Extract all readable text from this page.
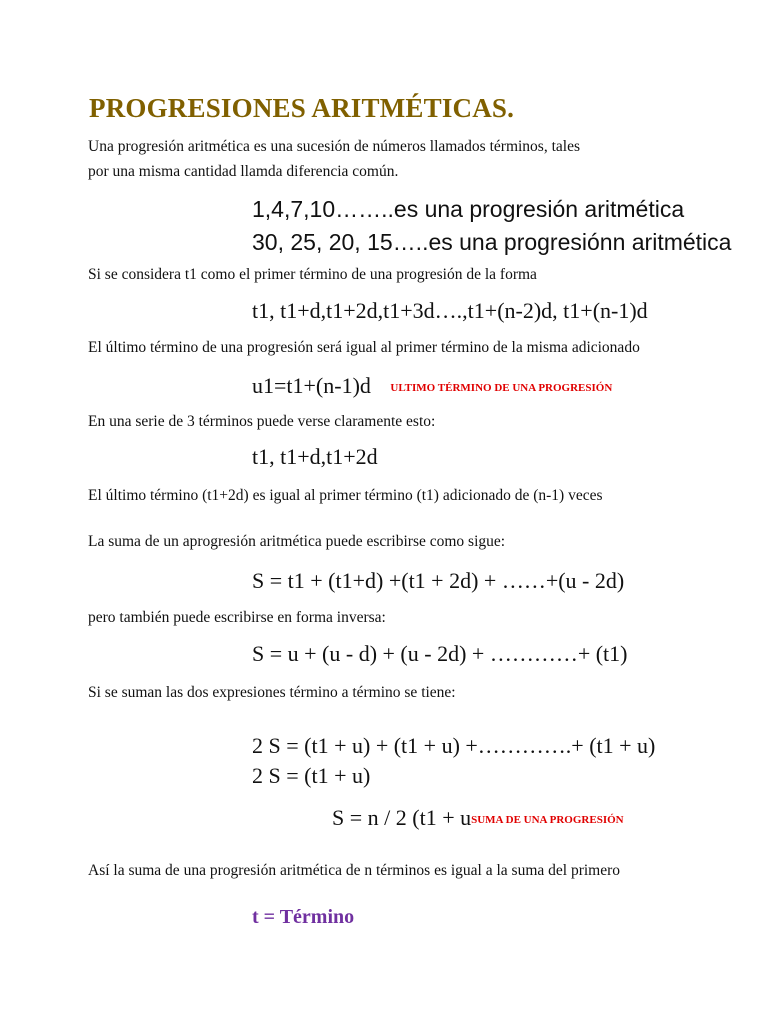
PROGRESIONES ARITMÉTICAS.
Una progresión aritmética es una sucesión de números llamados términos, tales
por una misma cantidad llamda diferencia común.
1,4,7,10……..es una progresión aritmética
30, 25, 20, 15…..es una progresiónn aritmética
Si se considera t1 como el primer término de una progresión de la forma
t1, t1+d,t1+2d,t1+3d….,t1+(n-2)d, t1+(n-1)d
El último término de una progresión será igual al primer término de la misma adicionado
u1=t1+(n-1)d ULTIMO TÉRMINO DE UNA PROGRESIÓN
En una serie de 3 términos puede verse claramente esto:
t1, t1+d,t1+2d
El último término (t1+2d) es igual al primer término (t1) adicionado de (n-1) veces
La suma de un aprogresión aritmética puede escribirse como sigue:
S = t1 + (t1+d) +(t1 + 2d) + ……+(u - 2d)
pero también puede escribirse en forma inversa:
S = u + (u - d) + (u - 2d) + …………+ (t1)
Si se suman las dos expresiones término a término se tiene:
2 S = (t1 + u) + (t1 + u) +………….+ (t1 + u)
2 S = (t1 + u)
S = n / 2 (t1 + uSUMA DE UNA PROGRESIÓN
Así la suma de una progresión aritmética de n términos es igual a la suma del primero
t = Término
